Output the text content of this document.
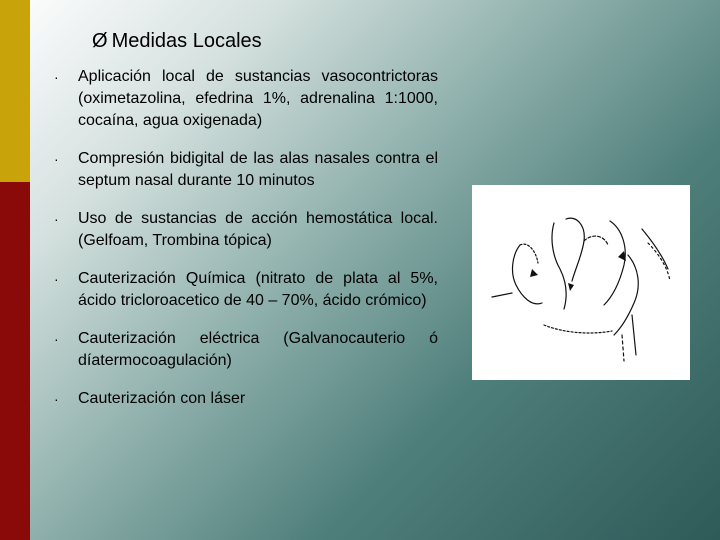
Ø Medidas Locales
· Aplicación local de sustancias vasocontrictoras (oximetazolina, efedrina 1%, adrenalina 1:1000, cocaína, agua oxigenada)
· Compresión bidigital de las alas nasales contra el septum nasal durante 10 minutos
· Uso de sustancias de acción hemostática local. (Gelfoam, Trombina tópica)
· Cauterización Química (nitrato de plata al 5%, ácido tricloroacetico de 40 – 70%, ácido crómico)
· Cauterización eléctrica (Galvanocauterio ó díatermocoagulación)
· Cauterización con láser
